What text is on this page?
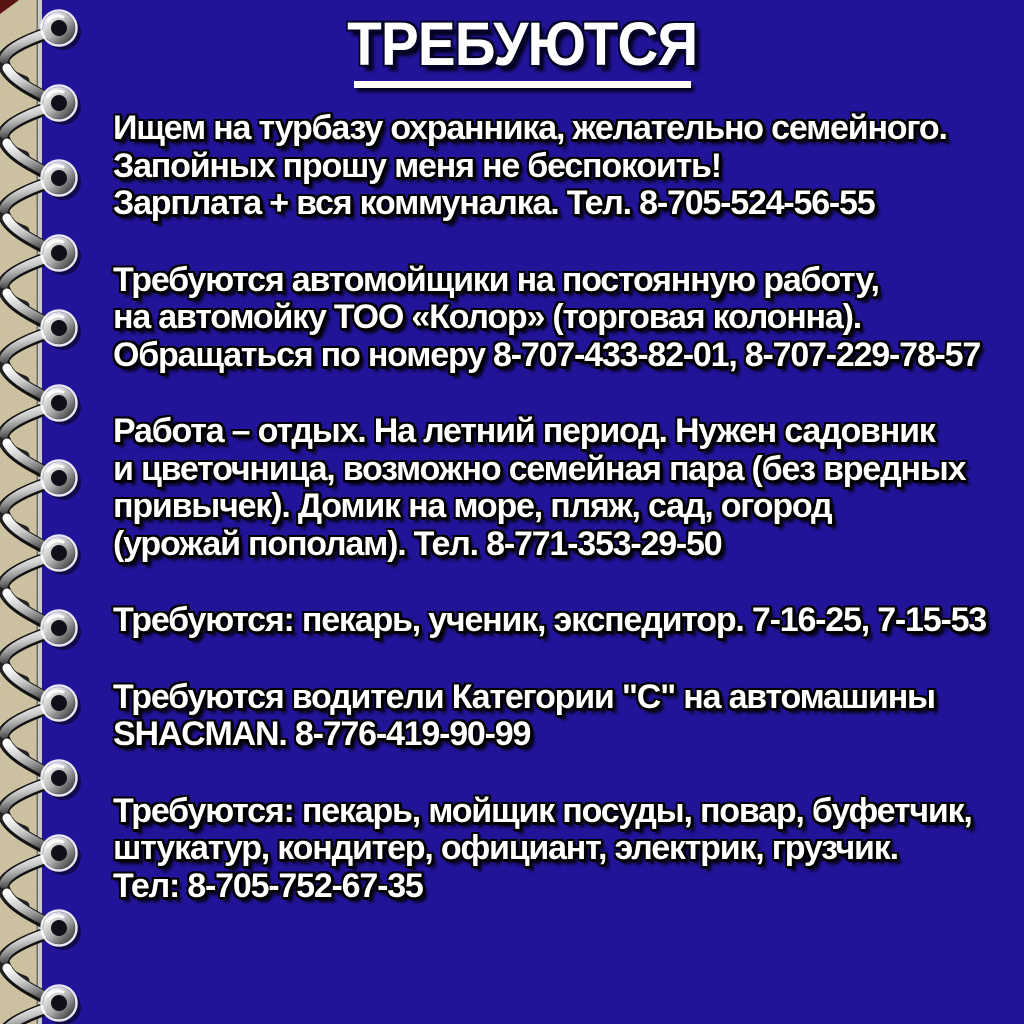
ТРЕБУЮТСЯ
Ищем на турбазу охранника, желательно семейного.
Запойных прошу меня не беспокоить!
Зарплата + вся коммуналка. Тел. 8-705-524-56-55
Требуются автомойщики на постоянную работу,
на автомойку ТОО «Колор» (торговая колонна).
Обращаться по номеру 8-707-433-82-01, 8-707-229-78-57
Работа – отдых. На летний период. Нужен садовник
и цветочница, возможно семейная пара (без вредных
привычек). Домик на море, пляж, сад, огород
(урожай пополам). Тел. 8-771-353-29-50
Требуются: пекарь, ученик, экспедитор. 7-16-25, 7-15-53
Требуются водители Категории "С" на автомашины
SHACMAN. 8-776-419-90-99
Требуются: пекарь, мойщик посуды, повар, буфетчик,
штукатур, кондитер, официант, электрик, грузчик.
Тел: 8-705-752-67-35
